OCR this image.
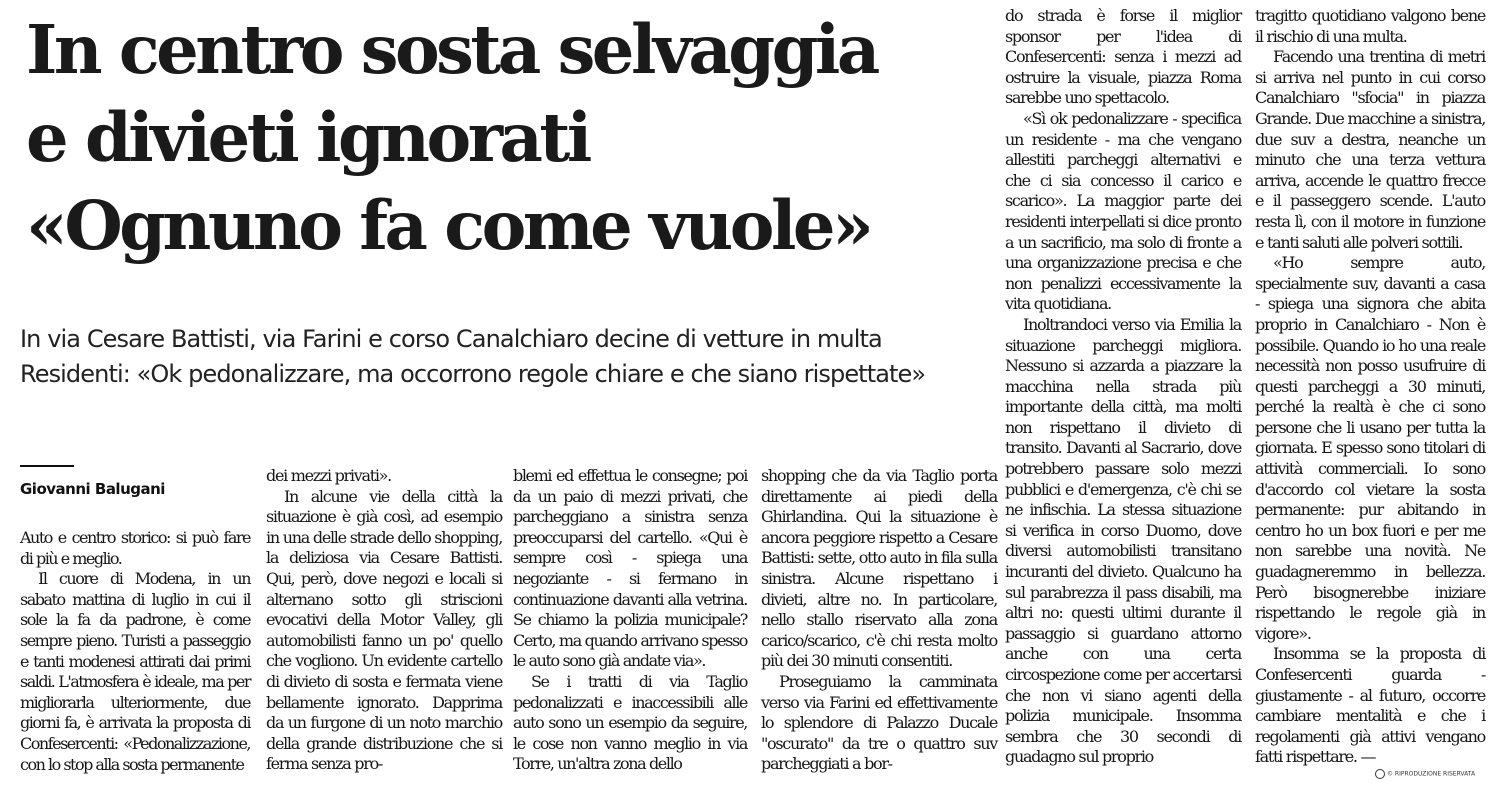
In centro sosta selvaggia
e divieti ignorati
«Ognuno fa come vuole»
In via Cesare Battisti, via Farini e corso Canalchiaro decine di vetture in multa
Residenti: «Ok pedonalizzare, ma occorrono regole chiare e che siano rispettate»
Giovanni Balugani

Auto e centro storico: si può fare di più e meglio.

Il cuore di Modena, in un sabato mattina di luglio in cui il sole la fa da padrone, è come sempre pieno. Turisti a passeggio e tanti modenesi attirati dai primi saldi. L'atmosfera è ideale, ma per migliorarla ulteriormente, due giorni fa, è arrivata la proposta di Confesercenti: «Pedonalizzazione, con lo stop alla sosta permanente

dei mezzi privati».

In alcune vie della città la situazione è già così, ad esempio in una delle strade dello shopping, la deliziosa via Cesare Battisti. Qui, però, dove negozi e locali si alternano sotto gli striscioni evocativi della Motor Valley, gli automobilisti fanno un po' quello che vogliono. Un evidente cartello di divieto di sosta e fermata viene bellamente ignorato. Dapprima da un furgone di un noto marchio della grande distribuzione che si ferma senza pro-

blemi ed effettua le consegne; poi da un paio di mezzi privati, che parcheggiano a sinistra senza preoccuparsi del cartello. «Qui è sempre così - spiega una negoziante - si fermano in continuazione davanti alla vetrina. Se chiamo la polizia municipale? Certo, ma quando arrivano spesso le auto sono già andate via».

Se i tratti di via Taglio pedonalizzati e inaccessibili alle auto sono un esempio da seguire, le cose non vanno meglio in via Torre, un'altra zona dello

shopping che da via Taglio porta direttamente ai piedi della Ghirlandina. Qui la situazione è ancora peggiore rispetto a Cesare Battisti: sette, otto auto in fila sulla sinistra. Alcune rispettano i divieti, altre no. In particolare, nello stallo riservato alla zona carico/scarico, c'è chi resta molto più dei 30 minuti consentiti.

Proseguiamo la camminata verso via Farini ed effettivamente lo splendore di Palazzo Ducale "oscurato" da tre o quattro suv parcheggiati a bor-

do strada è forse il miglior sponsor per l'idea di Confesercenti: senza i mezzi ad ostruire la visuale, piazza Roma sarebbe uno spettacolo.

«Sì ok pedonalizzare - specifica un residente - ma che vengano allestiti parcheggi alternativi e che ci sia concesso il carico e scarico». La maggior parte dei residenti interpellati si dice pronto a un sacrificio, ma solo di fronte a una organizzazione precisa e che non penalizzi eccessivamente la vita quotidiana.

Inoltrandoci verso via Emilia la situazione parcheggi migliora. Nessuno si azzarda a piazzare la macchina nella strada più importante della città, ma molti non rispettano il divieto di transito. Davanti al Sacrario, dove potrebbero passare solo mezzi pubblici e d'emergenza, c'è chi se ne infischia. La stessa situazione si verifica in corso Duomo, dove diversi automobilisti transitano incuranti del divieto. Qualcuno ha sul parabrezza il pass disabili, ma altri no: questi ultimi durante il passaggio si guardano attorno anche con una certa circospezione come per accertarsi che non vi siano agenti della polizia municipale. Insomma sembra che 30 secondi di guadagno sul proprio

tragitto quotidiano valgono bene il rischio di una multa.

Facendo una trentina di metri si arriva nel punto in cui corso Canalchiaro "sfocia" in piazza Grande. Due macchine a sinistra, due suv a destra, neanche un minuto che una terza vettura arriva, accende le quattro frecce e il passeggero scende. L'auto resta lì, con il motore in funzione e tanti saluti alle polveri sottili.

«Ho sempre auto, specialmente suv, davanti a casa - spiega una signora che abita proprio in Canalchiaro - Non è possibile. Quando io ho una reale necessità non posso usufruire di questi parcheggi a 30 minuti, perché la realtà è che ci sono persone che li usano per tutta la giornata. E spesso sono titolari di attività commerciali. Io sono d'accordo col vietare la sosta permanente: pur abitando in centro ho un box fuori e per me non sarebbe una novità. Ne guadagneremmo in bellezza. Però bisognerebbe iniziare rispettando le regole già in vigore».

Insomma se la proposta di Confesercenti guarda - giustamente - al futuro, occorre cambiare mentalità e che i regolamenti già attivi vengano fatti rispettare. —

© RIPRODUZIONE RISERVATA
